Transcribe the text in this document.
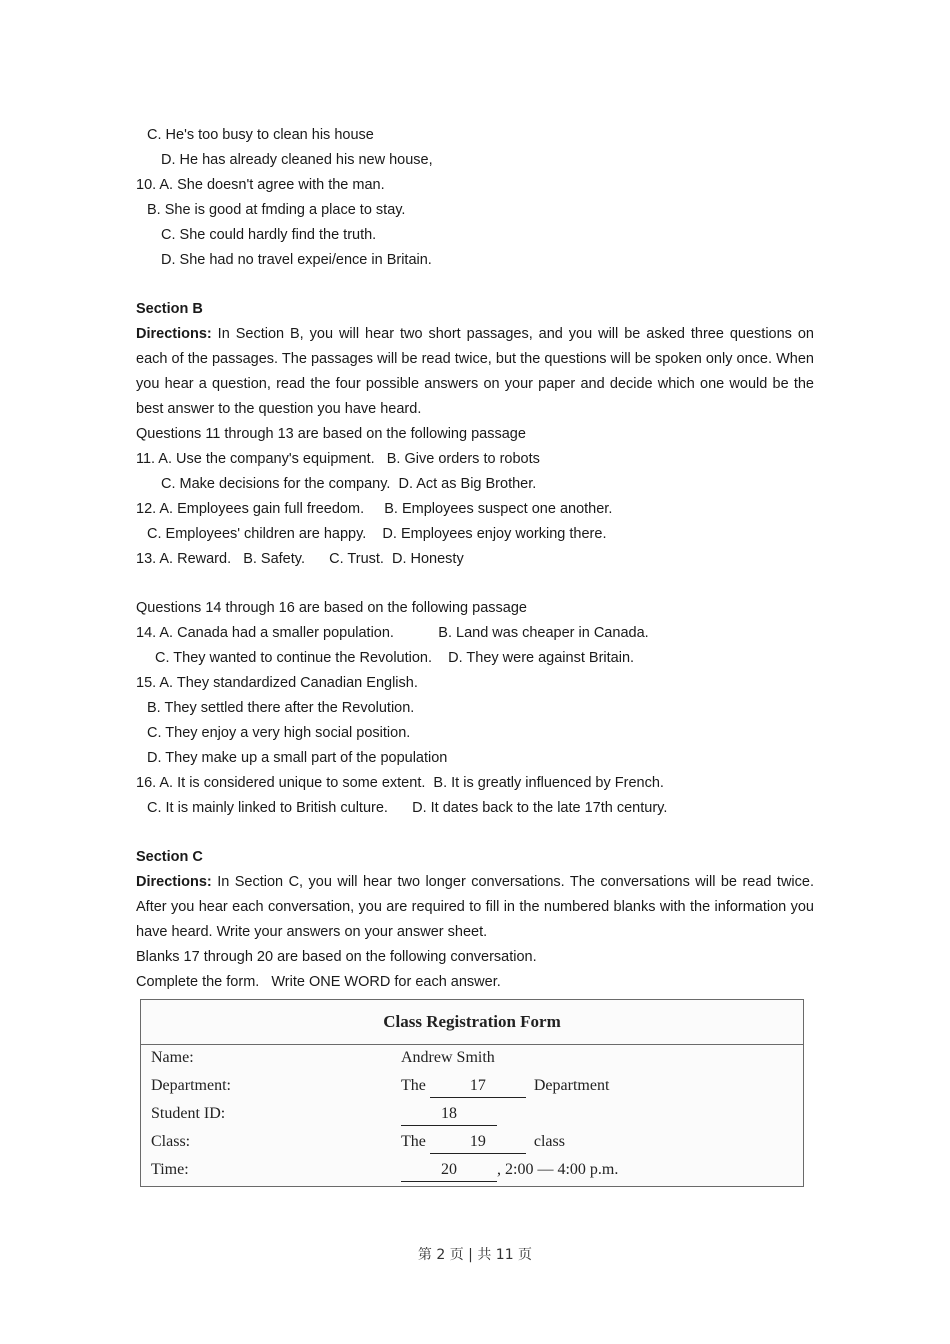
C. He's too busy to clean his house
D. He has already cleaned his new house,
10. A. She doesn't agree with the man.
B. She is good at fmding a place to stay.
C. She could hardly find the truth.
D. She had no travel expei/ence in Britain.
Section B
Directions: In Section B, you will hear two short passages, and you will be asked three questions on each of the passages. The passages will be read twice, but the questions will be spoken only once. When you hear a question, read the four possible answers on your paper and decide which one would be the best answer to the question you have heard.
Questions 11 through 13 are based on the following passage
11. A. Use the company's equipment.   B. Give orders to robots
C. Make decisions for the company.  D. Act as Big Brother.
12. A. Employees gain full freedom.     B. Employees suspect one another.
C. Employees' children are happy.    D. Employees enjoy working there.
13. A. Reward.   B. Safety.      C. Trust.  D. Honesty
Questions 14 through 16 are based on the following passage
14. A. Canada had a smaller population.           B. Land was cheaper in Canada.
C. They wanted to continue the Revolution.    D. They were against Britain.
15. A. They standardized Canadian English.
B. They settled there after the Revolution.
C. They enjoy a very high social position.
D. They make up a small part of the population
16. A. It is considered unique to some extent.  B. It is greatly influenced by French.
C. It is mainly linked to British culture.      D. It dates back to the late 17th century.
Section C
Directions: In Section C, you will hear two longer conversations. The conversations will be read twice. After you hear each conversation, you are required to fill in the numbered blanks with the information you have heard. Write your answers on your answer sheet.
Blanks 17 through 20 are based on the following conversation.
Complete the form.   Write ONE WORD for each answer.
Class Registration Form
Name:	Andrew Smith
Department:	The	17	Department
Student ID:	18
Class:	The	19	class
Time:	20	, 2:00 — 4:00 p.m.
第 2 页 | 共 11 页
